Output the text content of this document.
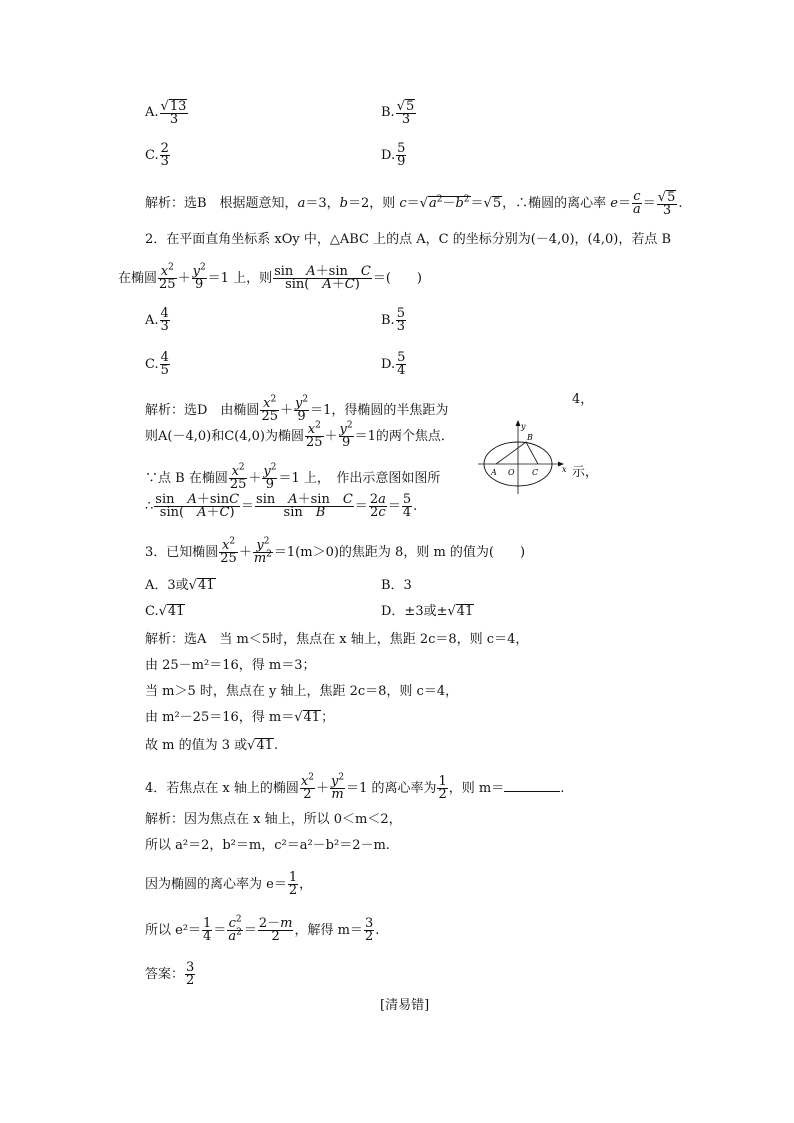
A. $\frac{√13}{3}$	B. $\frac{√5}{3}$
C. $\frac{2}{3}$	D. $\frac{5}{9}$
解析：选B　根据题意知，a＝3，b＝2，则 $c=√a^2-b^2=√5$，∴椭圆的离心率 $e= \frac{c}{a} = \frac{√5}{3}$ .
2．在平面直角坐标系 xOy 中，△ABC 上的点 A，C 的坐标分别为(－4,0)，(4,0)，若点 B
在椭圆 $\frac{x^2}{25} + \frac{y^2}{9} =1$ 上，则 $\frac{\text{sin　A＋sin　C}}{\sin( A+C)}$ ＝(　　)
A. $\frac{4}{3}$	B. $\frac{5}{3}$
C. $\frac{4}{5}$	D. $\frac{5}{4}$
解析：选D　由椭圆 $\frac{x^2}{25} + \frac{y^2}{9} =1$，得椭圆的半焦距为
4，
则A(－4,0)和C(4,0)为椭圆 $\frac{x^2}{25} + \frac{y^2}{9} =1$的两个焦点．
∵点 B 在椭圆 $\frac{x^2}{25} + \frac{y^2}{9} =1$ 上，　作出示意图如图所	示，
∴ $\frac{\text{sin　A＋sinC}}{\sin( A+C)} = \frac{\text{sin　A＋sin　C}}{\text{sin　B}} = \frac{2a}{2c} = \frac{5}{4}$ .
y
B
A O C	x
3．已知椭圆 $\frac{x^2}{25} + \frac{y^2}{m^2} =1(m>0)$的焦距为 8，则 m 的值为(　　)
A．3或√41	B．3
C.√41	D．±3或±√41
解析：选A　当 m＜5时，焦点在 x 轴上，焦距 2c＝8，则 c＝4，
由 25－m²＝16，得 m＝3；
当 m＞5 时，焦点在 y 轴上，焦距 2c＝8，则 c＝4，
由 m²－25＝16，得 m＝√41；
故 m 的值为 3 或√41.
4．若焦点在 x 轴上的椭圆 $\frac{x^2}{2} + \frac{y^2}{m} =1$ 的离心率为 $\frac{1}{2}$ ，则 m＝	.
解析：因为焦点在 x 轴上，所以 0＜m＜2，
所以 a²＝2，b²＝m，c²＝a²－b²＝2－m.
因为椭圆的离心率为 $e= \frac{1}{2}$ ，
所以 $e^2= \frac{1}{4} = \frac{c^2}{a^2} = \frac{2-m}{2}$ ，解得 $m= \frac{3}{2}$ .
答案： $\frac{3}{2}$
[清易错]
